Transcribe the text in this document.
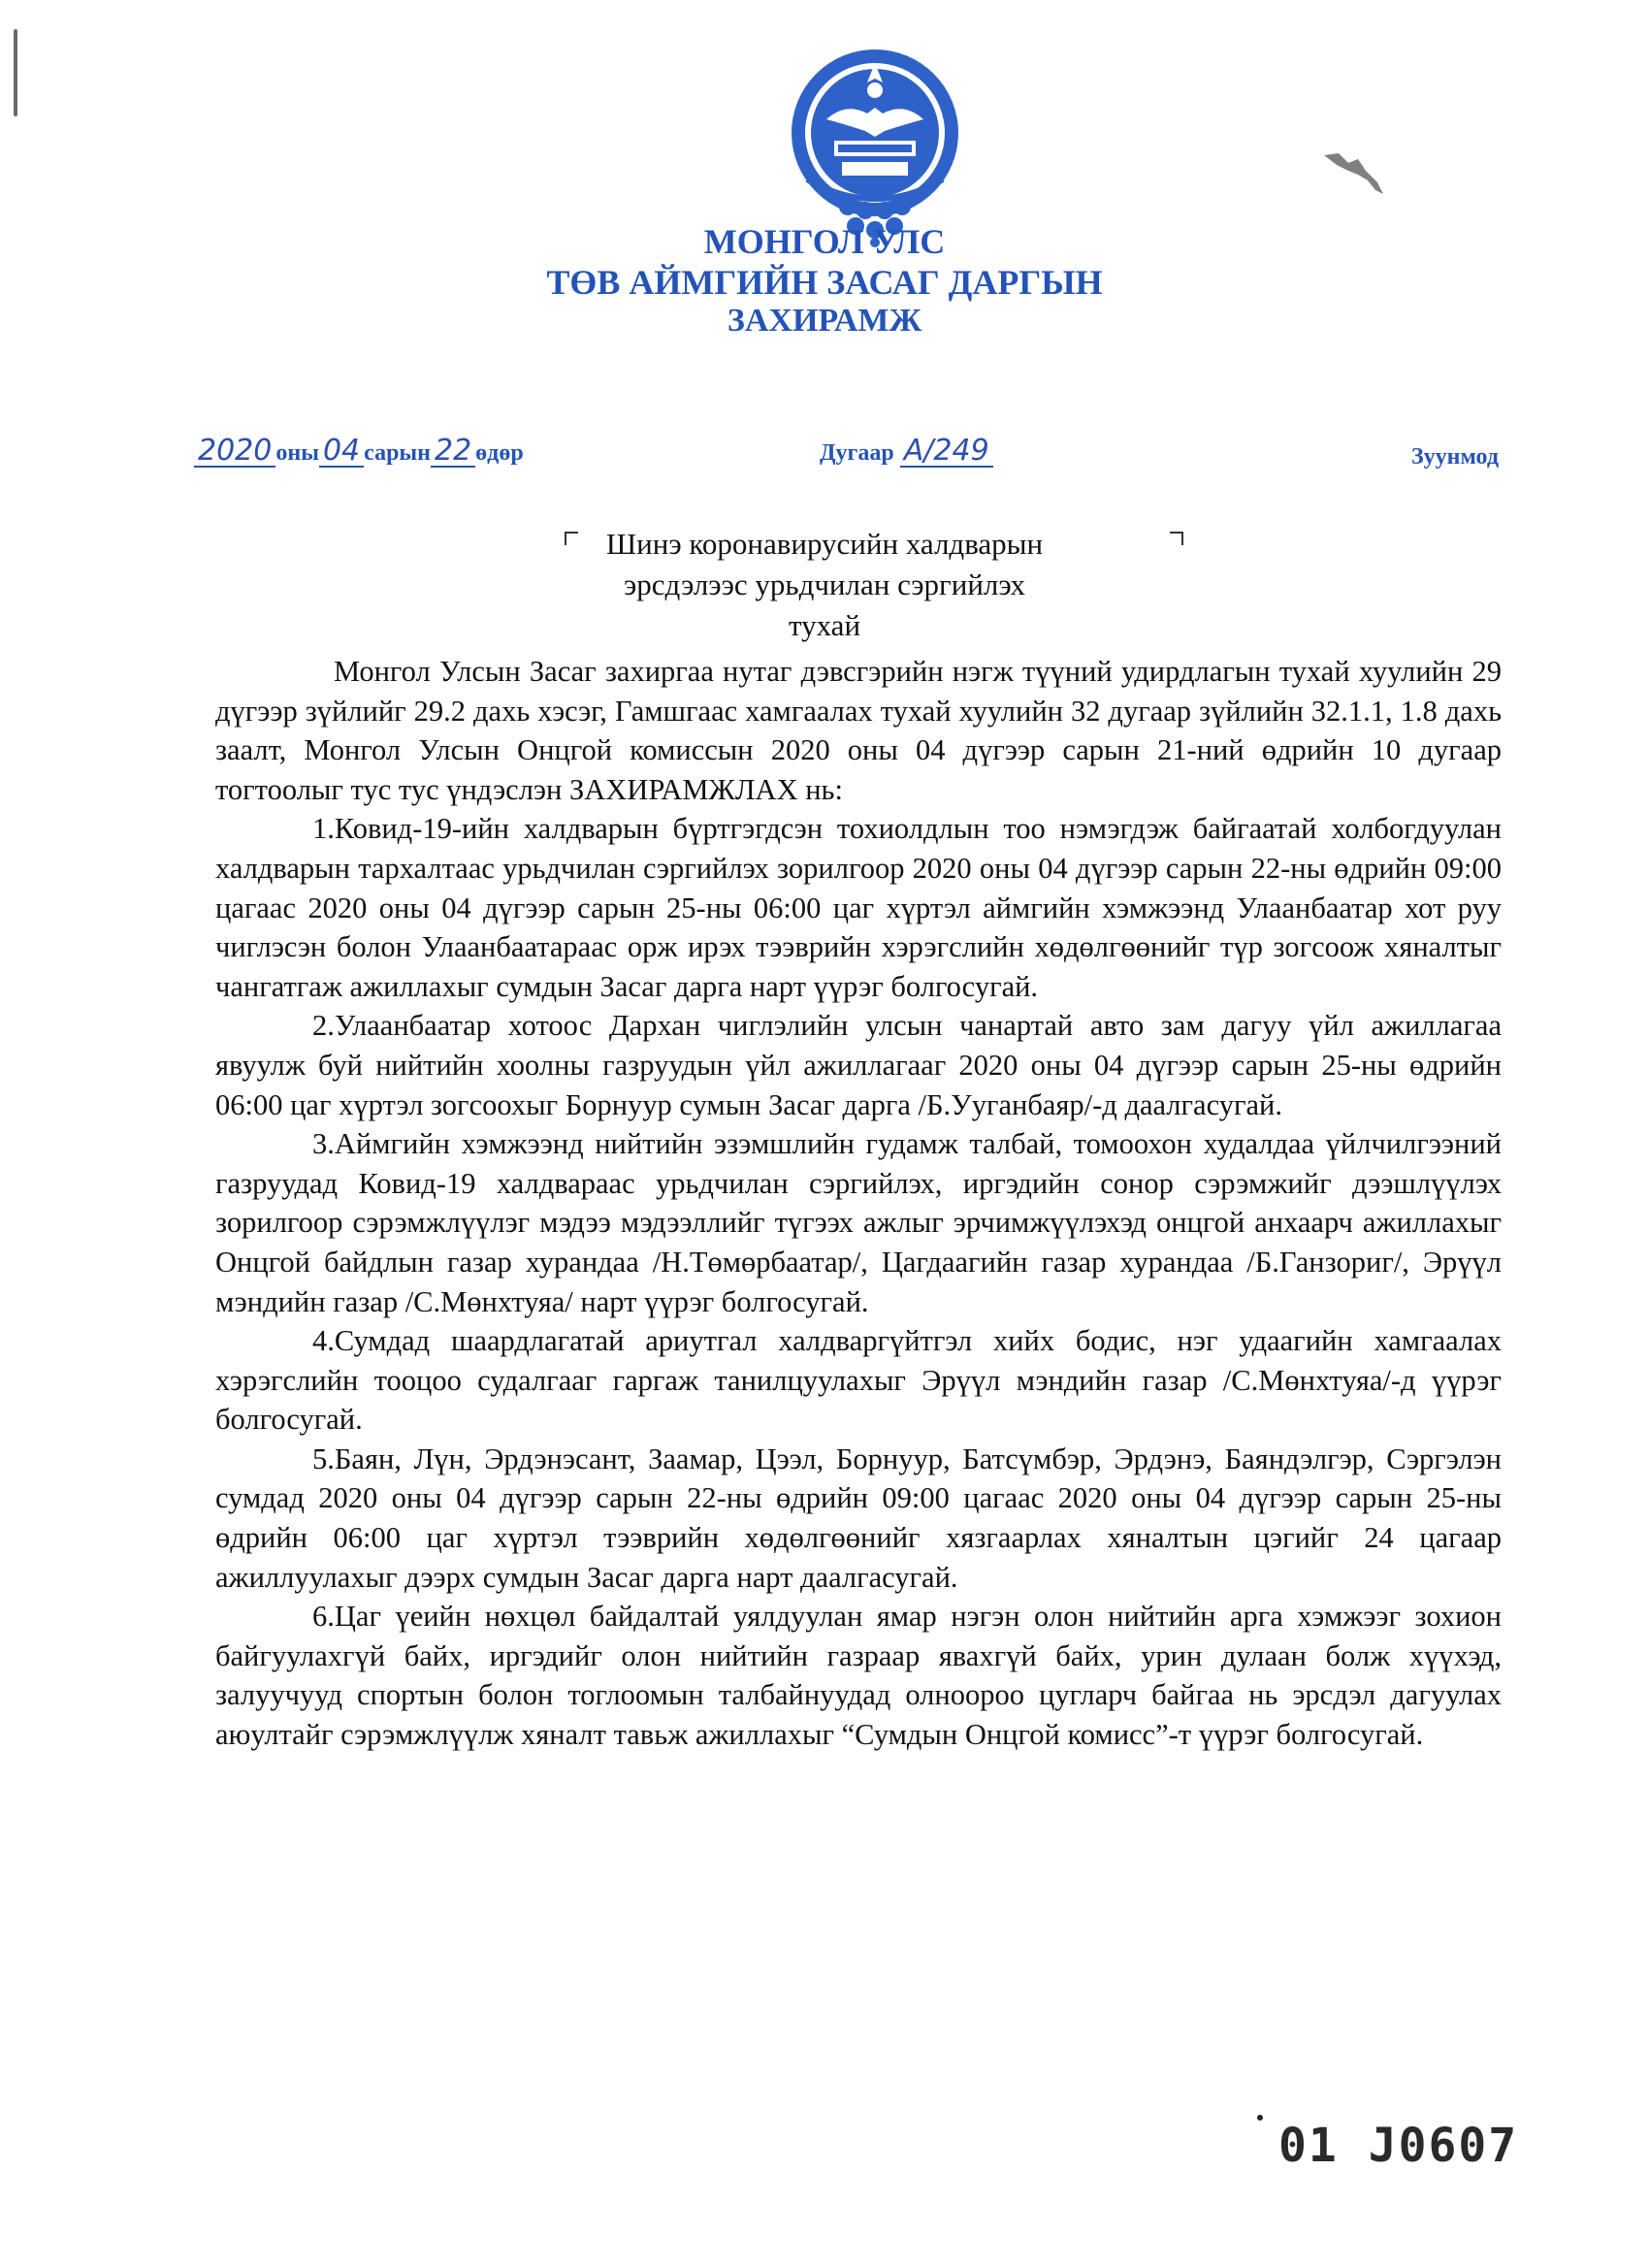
МОНГОЛ УЛС
ТӨВ АЙМГИЙН ЗАСАГ ДАРГЫН
ЗАХИРАМЖ
2020 оны 04 сарын 22 өдөр	Дугаар А/249	Зуунмод
Шинэ коронавирусийн халдварын
эрсдэлээс урьдчилан сэргийлэх
тухай

Монгол Улсын Засаг захиргаа нутаг дэвсгэрийн нэгж түүний удирдлагын тухай хуулийн 29 дүгээр зүйлийг 29.2 дахь хэсэг, Гамшгаас хамгаалах тухай хуулийн 32 дугаар зүйлийн 32.1.1, 1.8 дахь заалт, Монгол Улсын Онцгой комиссын 2020 оны 04 дүгээр сарын 21-ний өдрийн 10 дугаар тогтоолыг тус тус үндэслэн ЗАХИРАМЖЛАХ нь:

1.Ковид-19-ийн халдварын бүртгэгдсэн тохиолдлын тоо нэмэгдэж байгаатай холбогдуулан халдварын тархалтаас урьдчилан сэргийлэх зорилгоор 2020 оны 04 дүгээр сарын 22-ны өдрийн 09:00 цагаас 2020 оны 04 дүгээр сарын 25-ны 06:00 цаг хүртэл аймгийн хэмжээнд Улаанбаатар хот руу чиглэсэн болон Улаанбаатараас орж ирэх тээврийн хэрэгслийн хөдөлгөөнийг түр зогсоож хяналтыг чангатгаж ажиллахыг сумдын Засаг дарга нарт үүрэг болгосугай.

2.Улаанбаатар хотоос Дархан чиглэлийн улсын чанартай авто зам дагуу үйл ажиллагаа явуулж буй нийтийн хоолны газруудын үйл ажиллагааг 2020 оны 04 дүгээр сарын 25-ны өдрийн 06:00 цаг хүртэл зогсоохыг Борнуур сумын Засаг дарга /Б.Ууганбаяр/-д даалгасугай.

3.Аймгийн хэмжээнд нийтийн эзэмшлийн гудамж талбай, томоохон худалдаа үйлчилгээний газруудад Ковид-19 халдвараас урьдчилан сэргийлэх, иргэдийн сонор сэрэмжийг дээшлүүлэх зорилгоор сэрэмжлүүлэг мэдээ мэдээллийг түгээх ажлыг эрчимжүүлэхэд онцгой анхаарч ажиллахыг Онцгой байдлын газар хурандаа /Н.Төмөрбаатар/, Цагдаагийн газар хурандаа /Б.Ганзориг/, Эрүүл мэндийн газар /С.Мөнхтуяа/ нарт үүрэг болгосугай.

4.Сумдад шаардлагатай ариутгал халдваргүйтгэл хийх бодис, нэг удаагийн хамгаалах хэрэгслийн тооцоо судалгааг гаргаж танилцуулахыг Эрүүл мэндийн газар /С.Мөнхтуяа/-д үүрэг болгосугай.

5.Баян, Лүн, Эрдэнэсант, Заамар, Цээл, Борнуур, Батсүмбэр, Эрдэнэ, Баяндэлгэр, Сэргэлэн сумдад 2020 оны 04 дүгээр сарын 22-ны өдрийн 09:00 цагаас 2020 оны 04 дүгээр сарын 25-ны өдрийн 06:00 цаг хүртэл тээврийн хөдөлгөөнийг хязгаарлах хяналтын цэгийг 24 цагаар ажиллуулахыг дээрх сумдын Засаг дарга нарт даалгасугай.

6.Цаг үеийн нөхцөл байдалтай уялдуулан ямар нэгэн олон нийтийн арга хэмжээг зохион байгуулахгүй байх, иргэдийг олон нийтийн газраар явахгүй байх, урин дулаан болж хүүхэд, залуучууд спортын болон тоглоомын талбайнуудад олноороо цугларч байгаа нь эрсдэл дагуулах аюултайг сэрэмжлүүлж хяналт тавьж ажиллахыг “Сумдын Онцгой комисс”-т үүрэг болгосугай.

01 J0607
